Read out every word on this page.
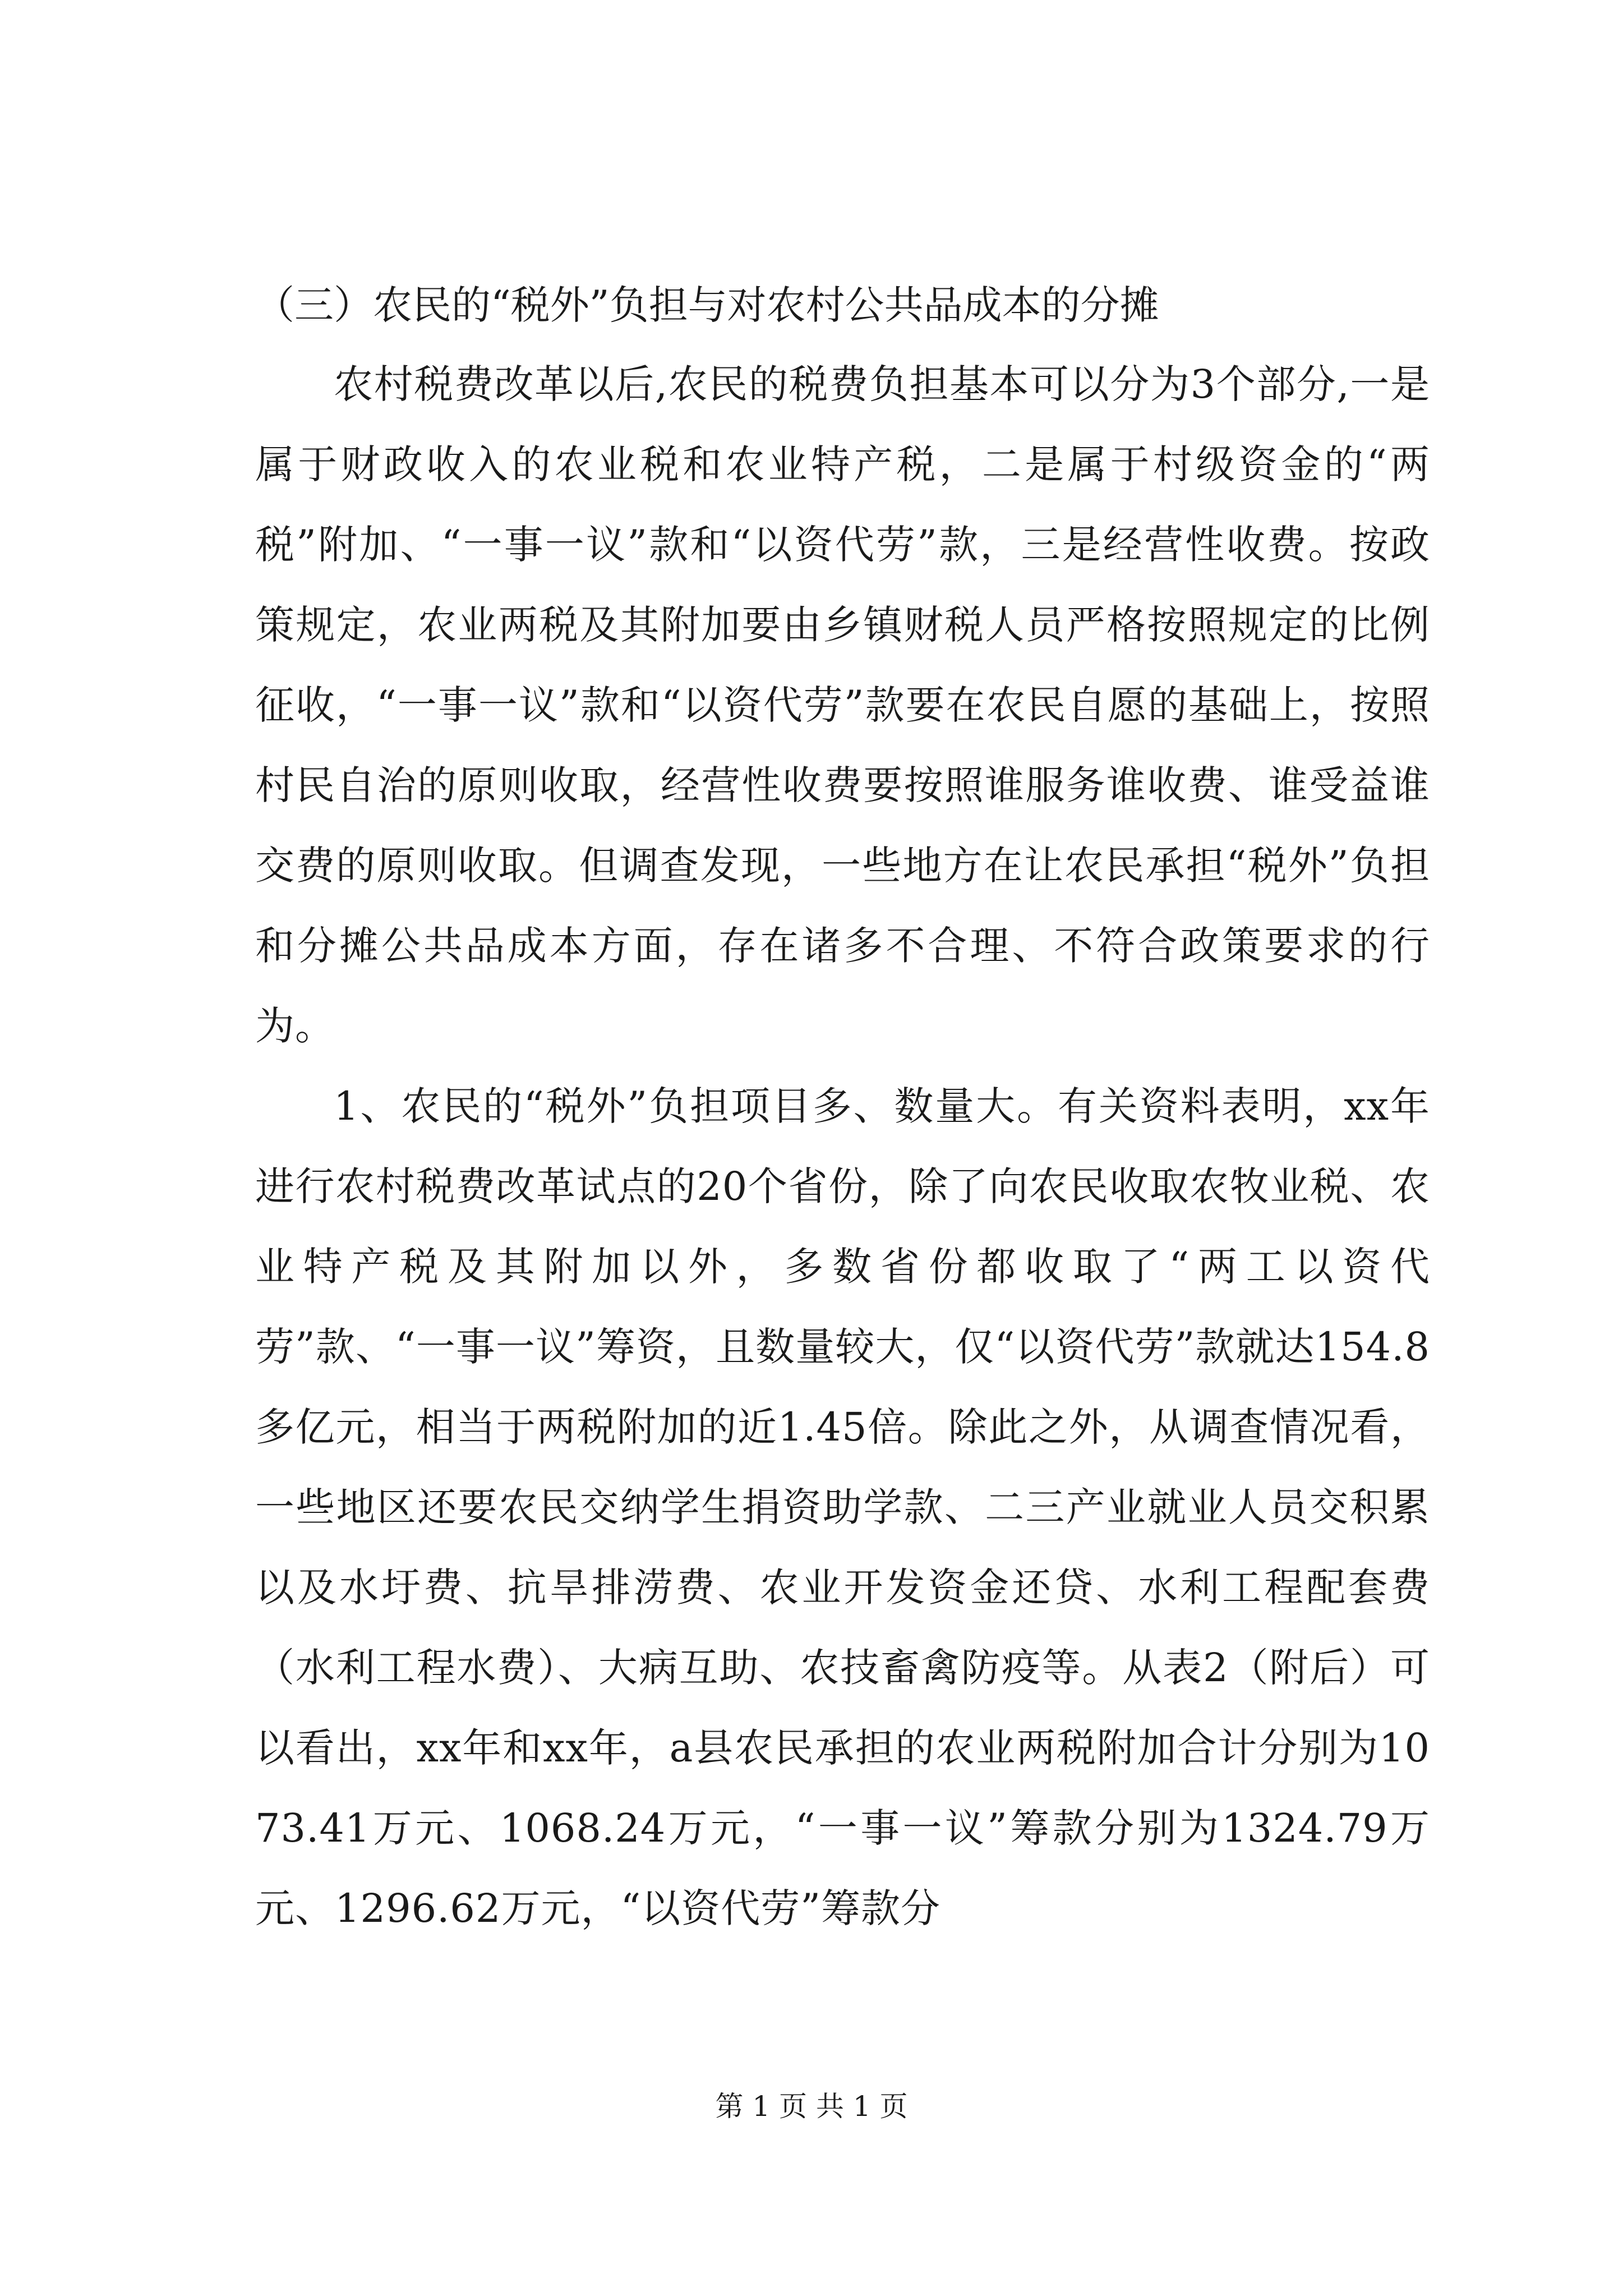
（三）农民的“税外”负担与对农村公共品成本的分摊

农村税费改革以后,农民的税费负担基本可以分为3个部分,一是属于财政收入的农业税和农业特产税，二是属于村级资金的“两税”附加、“一事一议”款和“以资代劳”款，三是经营性收费。按政策规定，农业两税及其附加要由乡镇财税人员严格按照规定的比例征收，“一事一议”款和“以资代劳”款要在农民自愿的基础上，按照村民自治的原则收取，经营性收费要按照谁服务谁收费、谁受益谁交费的原则收取。但调查发现，一些地方在让农民承担“税外”负担和分摊公共品成本方面，存在诸多不合理、不符合政策要求的行为。

1、农民的“税外”负担项目多、数量大。有关资料表明，xx年进行农村税费改革试点的20个省份，除了向农民收取农牧业税、农业特产税及其附加以外，多数省份都收取了“两工以资代劳”款、“一事一议”筹资，且数量较大，仅“以资代劳”款就达154.8多亿元，相当于两税附加的近1.45倍。除此之外，从调查情况看，一些地区还要农民交纳学生捐资助学款、二三产业就业人员交积累以及水圩费、抗旱排涝费、农业开发资金还贷、水利工程配套费（水利工程水费）、大病互助、农技畜禽防疫等。从表2（附后）可以看出，xx年和xx年，a县农民承担的农业两税附加合计分别为1073.41万元、1068.24万元，“一事一议”筹款分别为1324.79万元、1296.62万元，“以资代劳”筹款分

第 1 页 共 1 页
